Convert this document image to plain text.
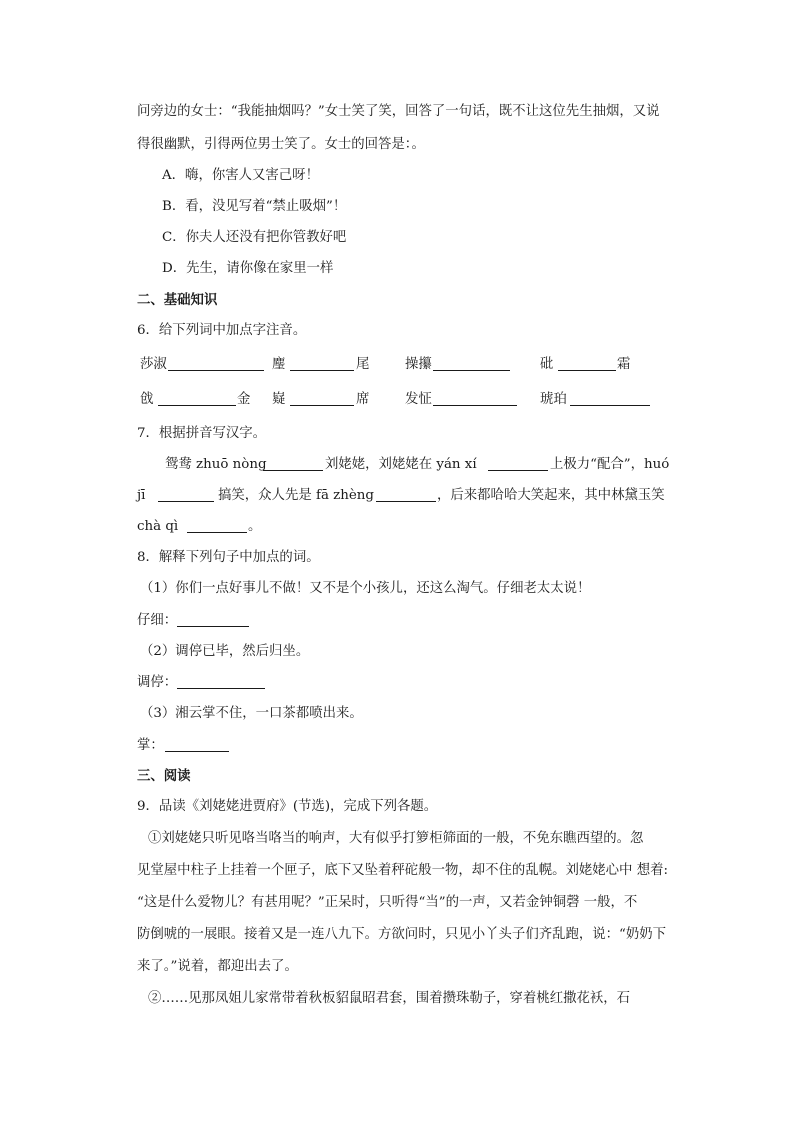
问旁边的女士：“我能抽烟吗？”女士笑了笑，回答了一句话，既不让这位先生抽烟，又说
得很幽默，引得两位男士笑了。女士的回答是：。
A．嗨，你害人又害己呀！
B．看，没见写着“禁止吸烟”！
C．你夫人还没有把你管教好吧
D．先生，请你像在家里一样
二、基础知识
6．给下列词中加点字注音。
莎淑	麈	尾	操攥	砒	霜
戗	金 嶷	席	发怔	琥珀
7．根据拼音写汉字。
鸳鸯 zhuō nòng	刘姥姥，刘姥姥在 yán xí	上极力“配合”，huó
jī	搞笑，众人先是 fā zhèng	，后来都哈哈大笑起来，其中林黛玉笑
chà qì	。
8．解释下列句子中加点的词。
（1）你们一点好事儿不做！又不是个小孩儿，还这么淘气。仔细老太太说！
仔细：
（2）调停已毕，然后归坐。
调停：
（3）湘云掌不住，一口茶都喷出来。
掌：
三、阅读
9．品读《刘姥姥进贾府》(节选)，完成下列各题。
①刘姥姥只听见咯当咯当的响声，大有似乎打箩柜筛面的一般，不免东瞧西望的。忽
见堂屋中柱子上挂着一个匣子，底下又坠着秤砣般一物，却不住的乱幌。刘姥姥心中 想着:
“这是什么爱物儿？有甚用呢？”正呆时，只听得“当”的一声，又若金钟铜磬 一般，不
防倒唬的一展眼。接着又是一连八九下。方欲问时，只见小丫头子们齐乱跑，说：“奶奶下
来了。”说着，都迎出去了。
②……见那凤姐儿家常带着秋板貂鼠昭君套，围着攒珠勒子，穿着桃红撒花袄，石
